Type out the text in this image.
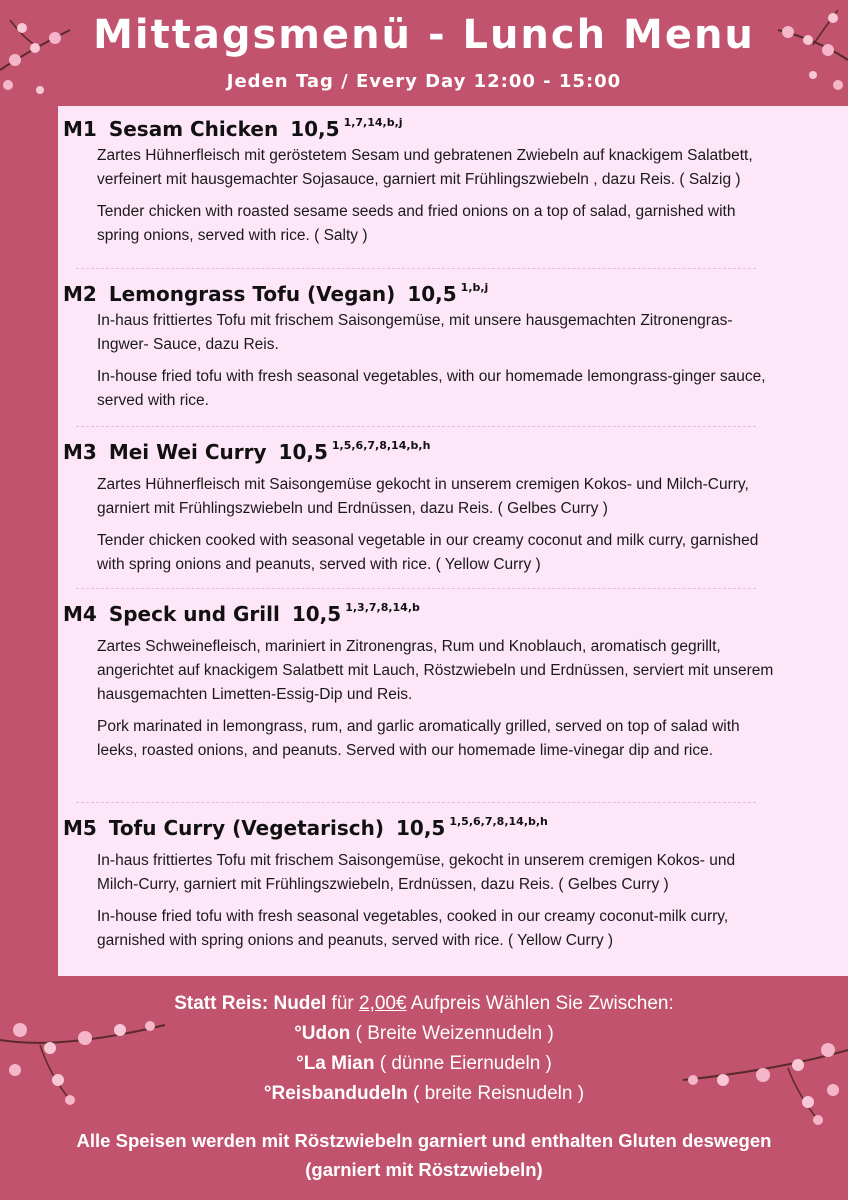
Mittagsmenü - Lunch Menu
Jeden Tag / Every Day 12:00 - 15:00
M1 Sesam Chicken 10,5 $^{1,7,14,b,j}$
Zartes Hühnerfleisch mit geröstetem Sesam und gebratenen Zwiebeln auf knackigem Salatbett, verfeinert mit hausgemachter Sojasauce, garniert mit Frühlingszwiebeln , dazu Reis. ( Salzig )
Tender chicken with roasted sesame seeds and fried onions on a top of salad, garnished with spring onions, served with rice. ( Salty )
M2 Lemongrass Tofu (Vegan) 10,5 $^{1,b,j}$
In-haus frittiertes Tofu mit frischem Saisongemüse, mit unsere hausgemachten Zitronengras- Ingwer- Sauce, dazu Reis.
In-house fried tofu with fresh seasonal vegetables, with our homemade lemongrass-ginger sauce, served with rice.
M3 Mei Wei Curry 10,5 $^{1,5,6,7,8,14,b,h}$
Zartes Hühnerfleisch mit Saisongemüse gekocht in unserem cremigen Kokos- und Milch-Curry, garniert mit Frühlingszwiebeln und Erdnüssen, dazu Reis. ( Gelbes Curry )
Tender chicken cooked with seasonal vegetable in our creamy coconut and milk curry, garnished with spring onions and peanuts, served with rice. ( Yellow Curry )
M4 Speck und Grill 10,5 $^{1,3,7,8,14,b}$
Zartes Schweinefleisch, mariniert in Zitronengras, Rum und Knoblauch, aromatisch gegrillt, angerichtet auf knackigem Salatbett mit Lauch, Röstzwiebeln und Erdnüssen, serviert mit unserem hausgemachten Limetten-Essig-Dip und Reis.
Pork marinated in lemongrass, rum, and garlic aromatically grilled, served on top of salad with leeks, roasted onions, and peanuts. Served with our homemade lime-vinegar dip and rice.
M5 Tofu Curry (Vegetarisch) 10,5 $^{1,5,6,7,8,14,b,h}$
In-haus frittiertes Tofu mit frischem Saisongemüse, gekocht in unserem cremigen Kokos- und Milch-Curry, garniert mit Frühlingszwiebeln, Erdnüssen, dazu Reis. ( Gelbes Curry )
In-house fried tofu with fresh seasonal vegetables, cooked in our creamy coconut-milk curry, garnished with spring onions and peanuts, served with rice. ( Yellow Curry )
Statt Reis: Nudel für 2,00€ Aufpreis Wählen Sie Zwischen:
°Udon ( Breite Weizennudeln )
°La Mian ( dünne Eiernudeln )
°Reisbandudeln ( breite Reisnudeln )
Alle Speisen werden mit Röstzwiebeln garniert und enthalten Gluten deswegen
(garniert mit Röstzwiebeln)
